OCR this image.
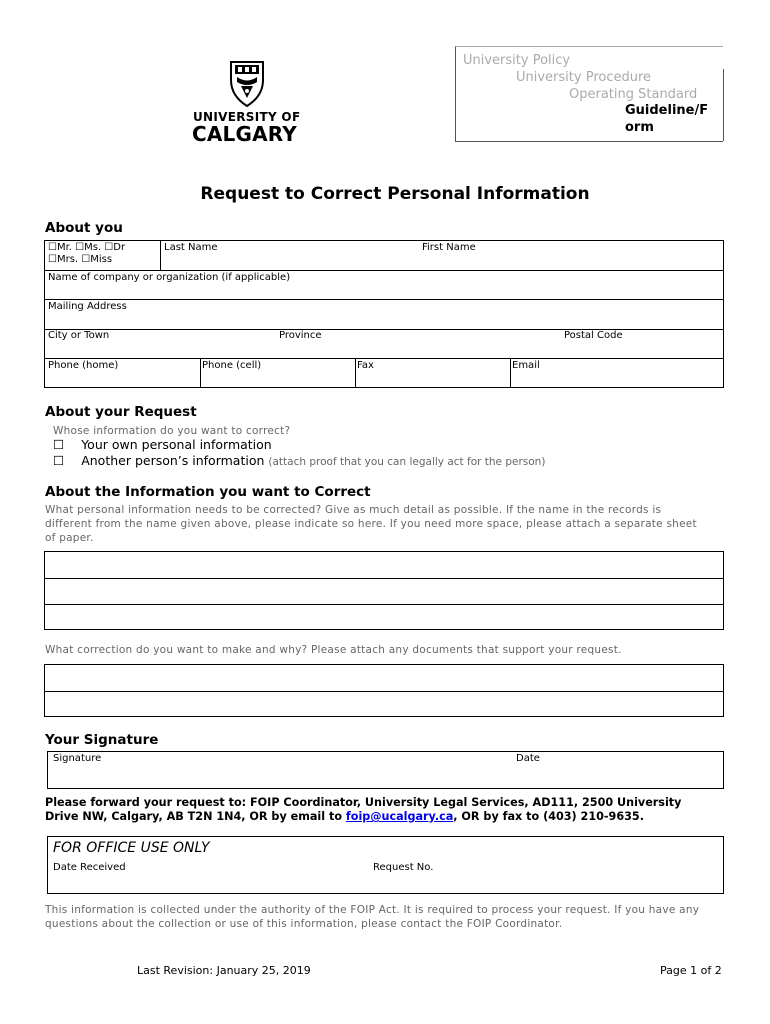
UNIVERSITY OF
CALGARY
University Policy
University Procedure
Operating Standard
Guideline/F
orm
Request to Correct Personal Information
About you
☐Mr. ☐Ms. ☐Dr
☐Mrs. ☐Miss
Last Name	First Name
Name of company or organization (if applicable)
Mailing Address
City or Town	Province	Postal Code
Phone (home)	Phone (cell)	Fax	Email
About your Request
Whose information do you want to correct?
☐ Your own personal information
☐ Another person’s information (attach proof that you can legally act for the person)
About the Information you want to Correct
What personal information needs to be corrected? Give as much detail as possible. If the name in the records is
different from the name given above, please indicate so here. If you need more space, please attach a separate sheet
of paper.
What correction do you want to make and why? Please attach any documents that support your request.
Your Signature
Signature	Date
Please forward your request to: FOIP Coordinator, University Legal Services, AD111, 2500 University
Drive NW, Calgary, AB T2N 1N4, OR by email to foip@ucalgary.ca, OR by fax to (403) 210-9635.
FOR OFFICE USE ONLY
Date Received	Request No.
This information is collected under the authority of the FOIP Act. It is required to process your request. If you have any
questions about the collection or use of this information, please contact the FOIP Coordinator.
Last Revision: January 25, 2019	Page 1 of 2
